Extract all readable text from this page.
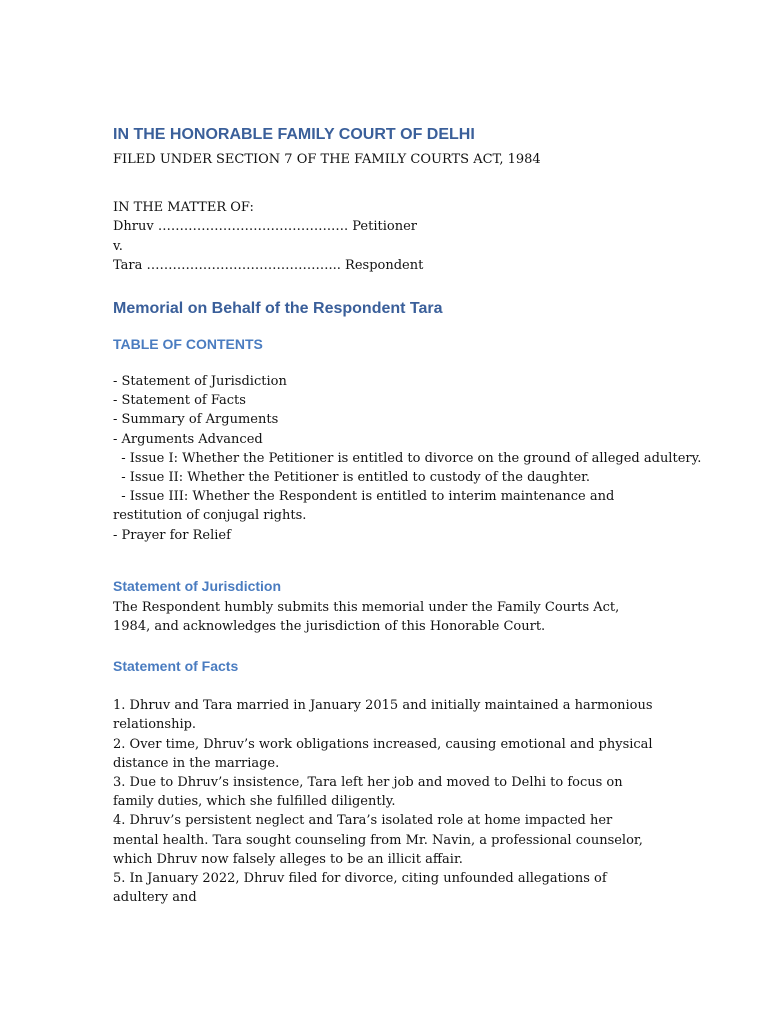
IN THE HONORABLE FAMILY COURT OF DELHI
FILED UNDER SECTION 7 OF THE FAMILY COURTS ACT, 1984
IN THE MATTER OF:
Dhruv ………………………………….…. Petitioner
v.
Tara ……………………………………... Respondent
Memorial on Behalf of the Respondent Tara
TABLE OF CONTENTS
- Statement of Jurisdiction
- Statement of Facts
- Summary of Arguments
- Arguments Advanced
- Issue I: Whether the Petitioner is entitled to divorce on the ground of alleged adultery.
- Issue II: Whether the Petitioner is entitled to custody of the daughter.
- Issue III: Whether the Respondent is entitled to interim maintenance and restitution of conjugal rights.
- Prayer for Relief
Statement of Jurisdiction
The Respondent humbly submits this memorial under the Family Courts Act, 1984, and acknowledges the jurisdiction of this Honorable Court.
Statement of Facts
1. Dhruv and Tara married in January 2015 and initially maintained a harmonious relationship.
2. Over time, Dhruv’s work obligations increased, causing emotional and physical distance in the marriage.
3. Due to Dhruv’s insistence, Tara left her job and moved to Delhi to focus on family duties, which she fulfilled diligently.
4. Dhruv’s persistent neglect and Tara’s isolated role at home impacted her mental health. Tara sought counseling from Mr. Navin, a professional counselor, which Dhruv now falsely alleges to be an illicit affair.
5. In January 2022, Dhruv filed for divorce, citing unfounded allegations of adultery and
